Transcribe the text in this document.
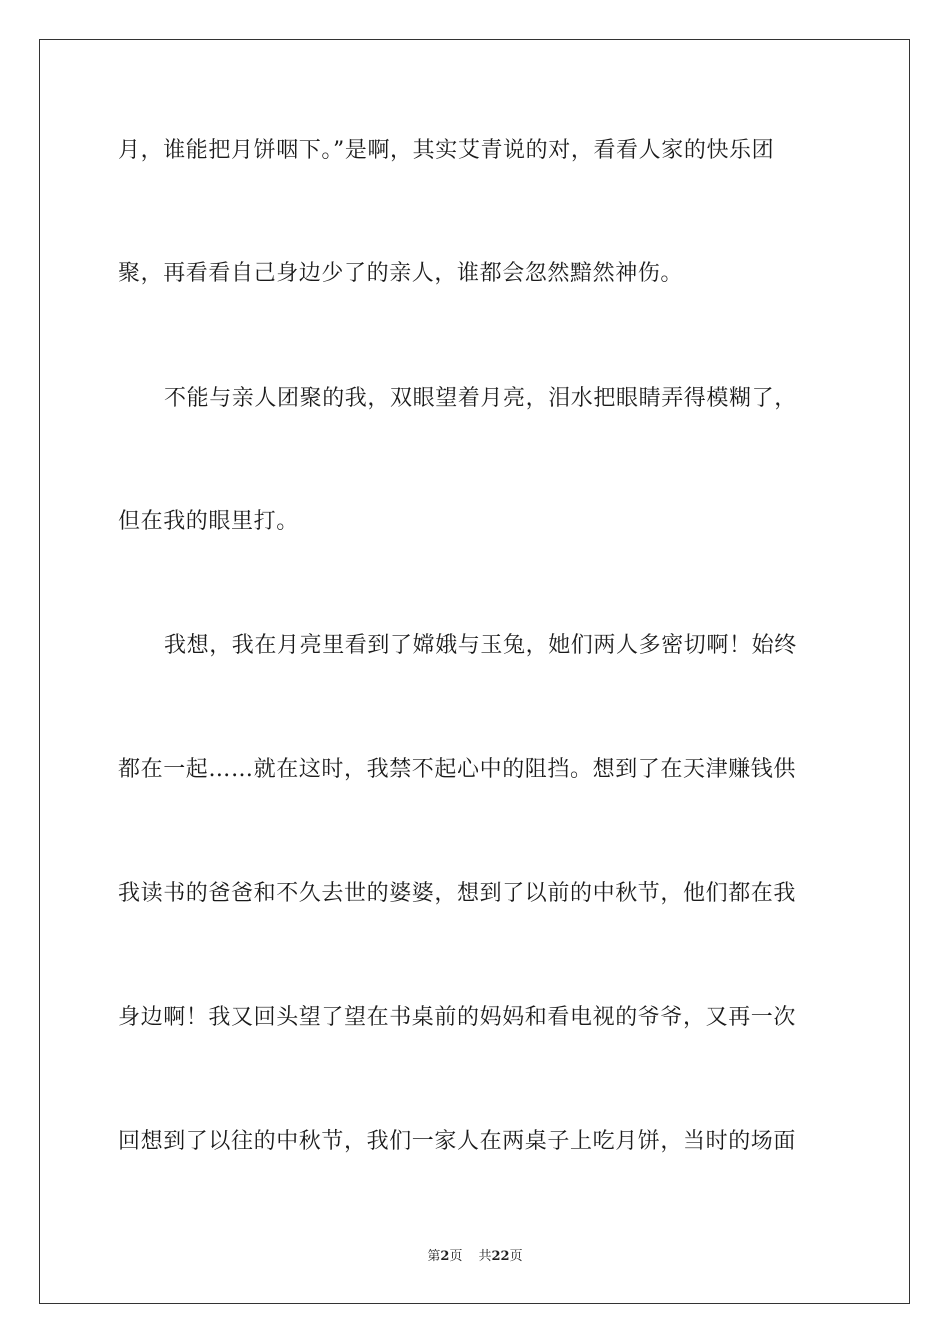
月，谁能把月饼咽下。”是啊，其实艾青说的对，看看人家的快乐团
聚，再看看自己身边少了的亲人，谁都会忽然黯然神伤。
不能与亲人团聚的我，双眼望着月亮，泪水把眼睛弄得模糊了，
但在我的眼里打。
我想，我在月亮里看到了嫦娥与玉兔，她们两人多密切啊！始终
都在一起……就在这时，我禁不起心中的阻挡。想到了在天津赚钱供
我读书的爸爸和不久去世的婆婆，想到了以前的中秋节，他们都在我
身边啊！我又回头望了望在书桌前的妈妈和看电视的爷爷，又再一次
回想到了以往的中秋节，我们一家人在两桌子上吃月饼，当时的场面
第2页 共22页
